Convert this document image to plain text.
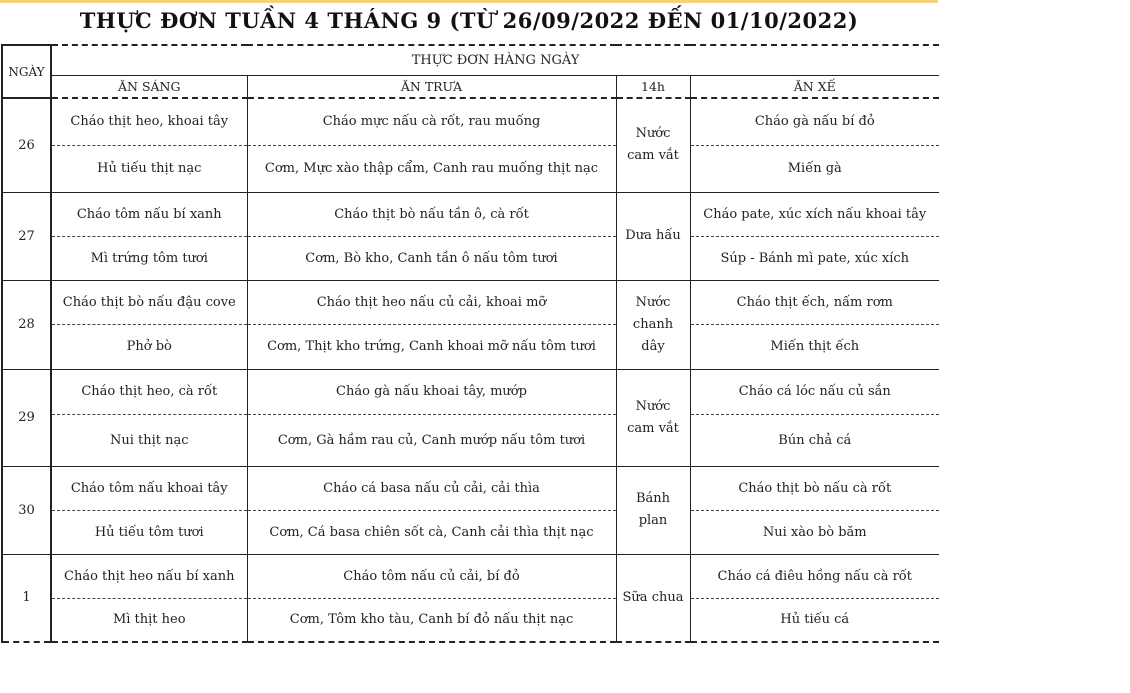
THỰC ĐƠN TUẦN 4 THÁNG 9 (TỪ 26/09/2022 ĐẾN 01/10/2022)
NGÀY	THỰC ĐƠN HÀNG NGÀY			
	ĂN SÁNG	ĂN TRƯA	14h	ĂN XẾ
26	Cháo thịt heo, khoai tây	Cháo mực nấu cà rốt, rau muống	Nước cam vắt	Cháo gà nấu bí đỏ
	Hủ tiếu thịt nạc	Cơm, Mực xào thập cẩm, Canh rau muống thịt nạc		Miến gà
27	Cháo tôm nấu bí xanh	Cháo thịt bò nấu tần ô, cà rốt	Dưa hấu	Cháo pate, xúc xích nấu khoai tây
	Mì trứng tôm tươi	Cơm, Bò kho, Canh tần ô nấu tôm tươi		Súp - Bánh mì pate, xúc xích
28	Cháo thịt bò nấu đậu cove	Cháo thịt heo nấu củ cải, khoai mỡ	Nước chanh dây	Cháo thịt ếch, nấm rơm
	Phở bò	Cơm, Thịt kho trứng, Canh khoai mỡ nấu tôm tươi		Miến thịt ếch
29	Cháo thịt heo, cà rốt	Cháo gà nấu khoai tây, mướp	Nước cam vắt	Cháo cá lóc nấu củ sắn
	Nui thịt nạc	Cơm, Gà hầm rau củ, Canh mướp nấu tôm tươi		Bún chả cá
30	Cháo tôm nấu khoai tây	Cháo cá basa nấu củ cải, cải thìa	Bánh plan	Cháo thịt bò nấu cà rốt
	Hủ tiếu tôm tươi	Cơm, Cá basa chiên sốt cà, Canh cải thìa thịt nạc		Nui xào bò băm
1	Cháo thịt heo nấu bí xanh	Cháo tôm nấu củ cải, bí đỏ	Sữa chua	Cháo cá điêu hồng nấu cà rốt
	Mì thịt heo	Cơm, Tôm kho tàu, Canh bí đỏ nấu thịt nạc		Hủ tiếu cá
